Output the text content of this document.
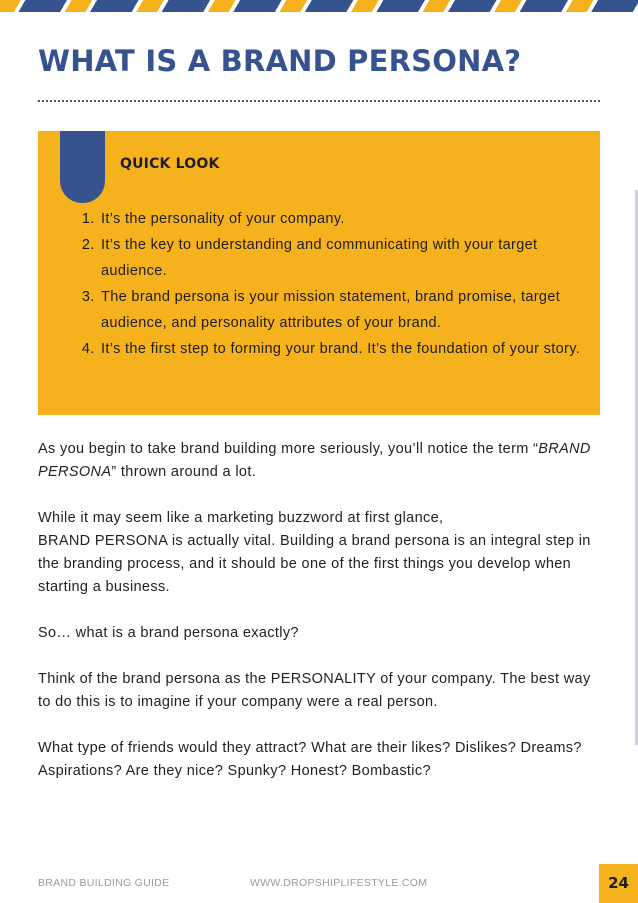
WHAT IS A BRAND PERSONA?
QUICK LOOK
1. It’s the personality of your company.
2. It’s the key to understanding and communicating with your target audience.
3. The brand persona is your mission statement, brand promise, target audience, and personality attributes of your brand.
4. It’s the first step to forming your brand. It’s the foundation of your story.

As you begin to take brand building more seriously, you’ll notice the term “BRAND PERSONA” thrown around a lot.

While it may seem like a marketing buzzword at first glance,
BRAND PERSONA is actually vital. Building a brand persona is an integral step in the branding process, and it should be one of the first things you develop when starting a business.

So… what is a brand persona exactly?

Think of the brand persona as the PERSONALITY of your company. The best way to do this is to imagine if your company were a real person.

What type of friends would they attract? What are their likes? Dislikes? Dreams? Aspirations? Are they nice? Spunky? Honest? Bombastic?

BRAND BUILDING GUIDE	WWW.DROPSHIPLIFESTYLE.COM	24
